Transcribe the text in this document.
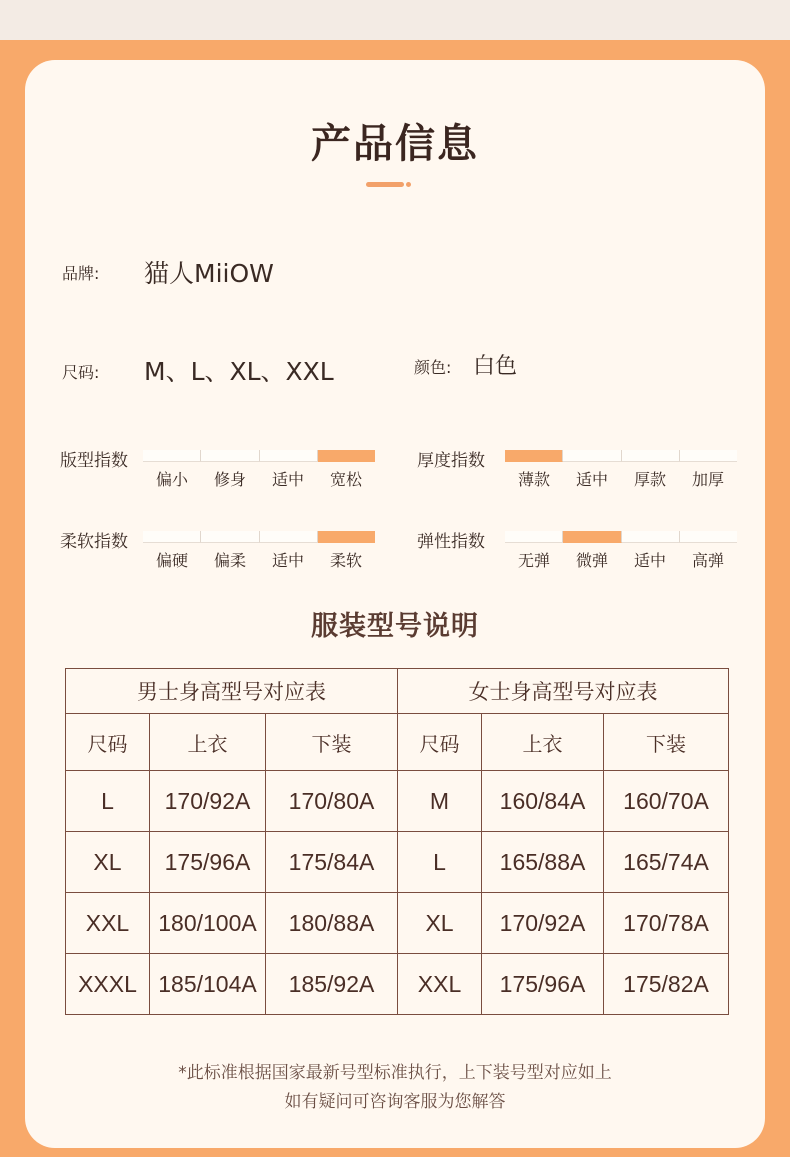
产品信息
品牌: 猫人MiiOW
尺码: M、L、XL、XXL	颜色: 白色
版型指数
偏小	修身	适中	宽松
厚度指数
薄款	适中	厚款	加厚
柔软指数
偏硬	偏柔	适中	柔软
弹性指数
无弹	微弹	适中	高弹
服装型号说明
男士身高型号对应表			女士身高型号对应表		
尺码	上衣	下装	尺码	上衣	下装
L	170/92A	170/80A	M	160/84A	160/70A
XL	175/96A	175/84A	L	165/88A	165/74A
XXL	180/100A	180/88A	XL	170/92A	170/78A
XXXL	185/104A	185/92A	XXL	175/96A	175/82A
*此标准根据国家最新号型标准执行，上下装号型对应如上
如有疑问可咨询客服为您解答
